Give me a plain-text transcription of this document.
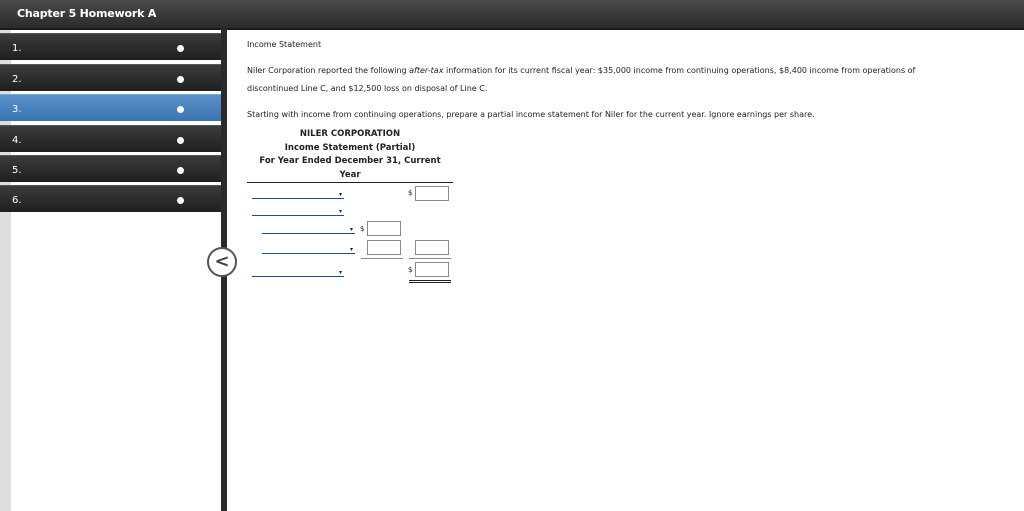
Chapter 5 Homework A
1.
2.
3.
4.
5.
6.
<
Income Statement
Niler Corporation reported the following after-tax information for its current fiscal year: $35,000 income from continuing operations, $8,400 income from operations of
discontinued Line C, and $12,500 loss on disposal of Line C.
Starting with income from continuing operations, prepare a partial income statement for Niler for the current year. Ignore earnings per share.
NILER CORPORATION
Income Statement (Partial)
For Year Ended December 31, Current
Year
▾	$
▾
▾ $
▾
▾	$
